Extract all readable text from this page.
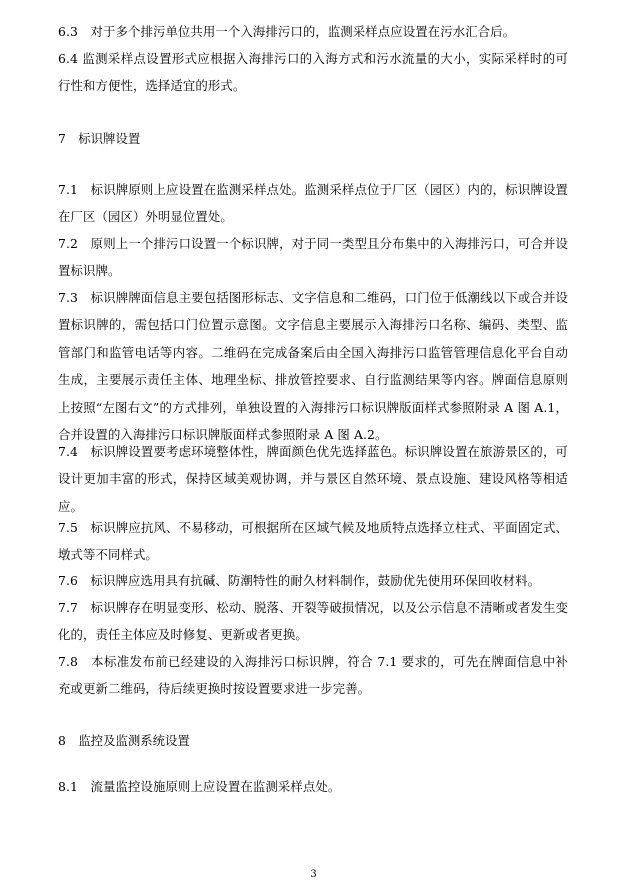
6.3　对于多个排污单位共用一个入海排污口的，监测采样点应设置在污水汇合后。

6.4 监测采样点设置形式应根据入海排污口的入海方式和污水流量的大小，实际采样时的可行性和方便性，选择适宜的形式。

7　标识牌设置

7.1　标识牌原则上应设置在监测采样点处。监测采样点位于厂区（园区）内的，标识牌设置在厂区（园区）外明显位置处。

7.2　原则上一个排污口设置一个标识牌，对于同一类型且分布集中的入海排污口，可合并设置标识牌。

7.3　标识牌牌面信息主要包括图形标志、文字信息和二维码，口门位于低潮线以下或合并设置标识牌的，需包括口门位置示意图。文字信息主要展示入海排污口名称、编码、类型、监管部门和监管电话等内容。二维码在完成备案后由全国入海排污口监管管理信息化平台自动生成，主要展示责任主体、地理坐标、排放管控要求、自行监测结果等内容。牌面信息原则上按照“左图右文”的方式排列，单独设置的入海排污口标识牌版面样式参照附录 A 图 A.1，合并设置的入海排污口标识牌版面样式参照附录 A 图 A.2。

7.4　标识牌设置要考虑环境整体性，牌面颜色优先选择蓝色。标识牌设置在旅游景区的，可设计更加丰富的形式，保持区域美观协调，并与景区自然环境、景点设施、建设风格等相适应。

7.5　标识牌应抗风、不易移动，可根据所在区域气候及地质特点选择立柱式、平面固定式、墩式等不同样式。

7.6　标识牌应选用具有抗碱、防潮特性的耐久材料制作，鼓励优先使用环保回收材料。

7.7　标识牌存在明显变形、松动、脱落、开裂等破损情况，以及公示信息不清晰或者发生变化的，责任主体应及时修复、更新或者更换。

7.8　本标准发布前已经建设的入海排污口标识牌，符合 7.1 要求的，可先在牌面信息中补充或更新二维码，待后续更换时按设置要求进一步完善。

8　监控及监测系统设置

8.1　流量监控设施原则上应设置在监测采样点处。

3
